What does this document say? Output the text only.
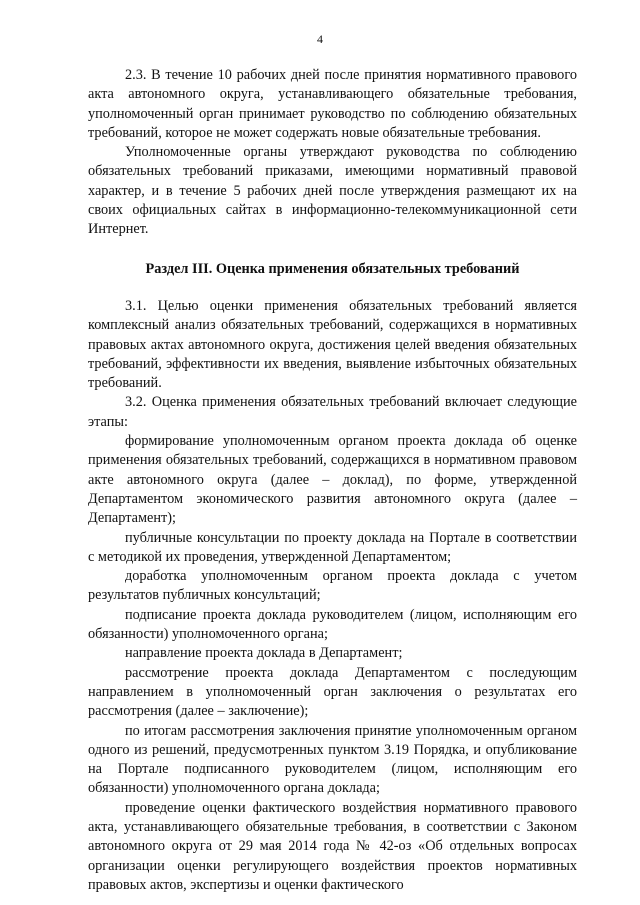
4

2.3. В течение 10 рабочих дней после принятия нормативного правового акта автономного округа, устанавливающего обязательные требования, уполномоченный орган принимает руководство по соблюдению обязательных требований, которое не может содержать новые обязательные требования.

Уполномоченные органы утверждают руководства по соблюдению обязательных требований приказами, имеющими нормативный правовой характер, и в течение 5 рабочих дней после утверждения размещают их на своих официальных сайтах в информационно-телекоммуникационной сети Интернет.

Раздел III. Оценка применения обязательных требований

3.1. Целью оценки применения обязательных требований является комплексный анализ обязательных требований, содержащихся в нормативных правовых актах автономного округа, достижения целей введения обязательных требований, эффективности их введения, выявление избыточных обязательных требований.

3.2. Оценка применения обязательных требований включает следующие этапы:

формирование уполномоченным органом проекта доклада об оценке применения обязательных требований, содержащихся в нормативном правовом акте автономного округа (далее – доклад), по форме, утвержденной Департаментом экономического развития автономного округа (далее – Департамент);

публичные консультации по проекту доклада на Портале в соответствии с методикой их проведения, утвержденной Департаментом;

доработка уполномоченным органом проекта доклада с учетом результатов публичных консультаций;

подписание проекта доклада руководителем (лицом, исполняющим его обязанности) уполномоченного органа;

направление проекта доклада в Департамент;

рассмотрение проекта доклада Департаментом с последующим направлением в уполномоченный орган заключения о результатах его рассмотрения (далее – заключение);

по итогам рассмотрения заключения принятие уполномоченным органом одного из решений, предусмотренных пунктом 3.19 Порядка, и опубликование на Портале подписанного руководителем (лицом, исполняющим его обязанности) уполномоченного органа доклада;

проведение оценки фактического воздействия нормативного правового акта, устанавливающего обязательные требования, в соответствии с Законом автономного округа от 29 мая 2014 года № 42-оз «Об отдельных вопросах организации оценки регулирующего воздействия проектов нормативных правовых актов, экспертизы и оценки фактического
